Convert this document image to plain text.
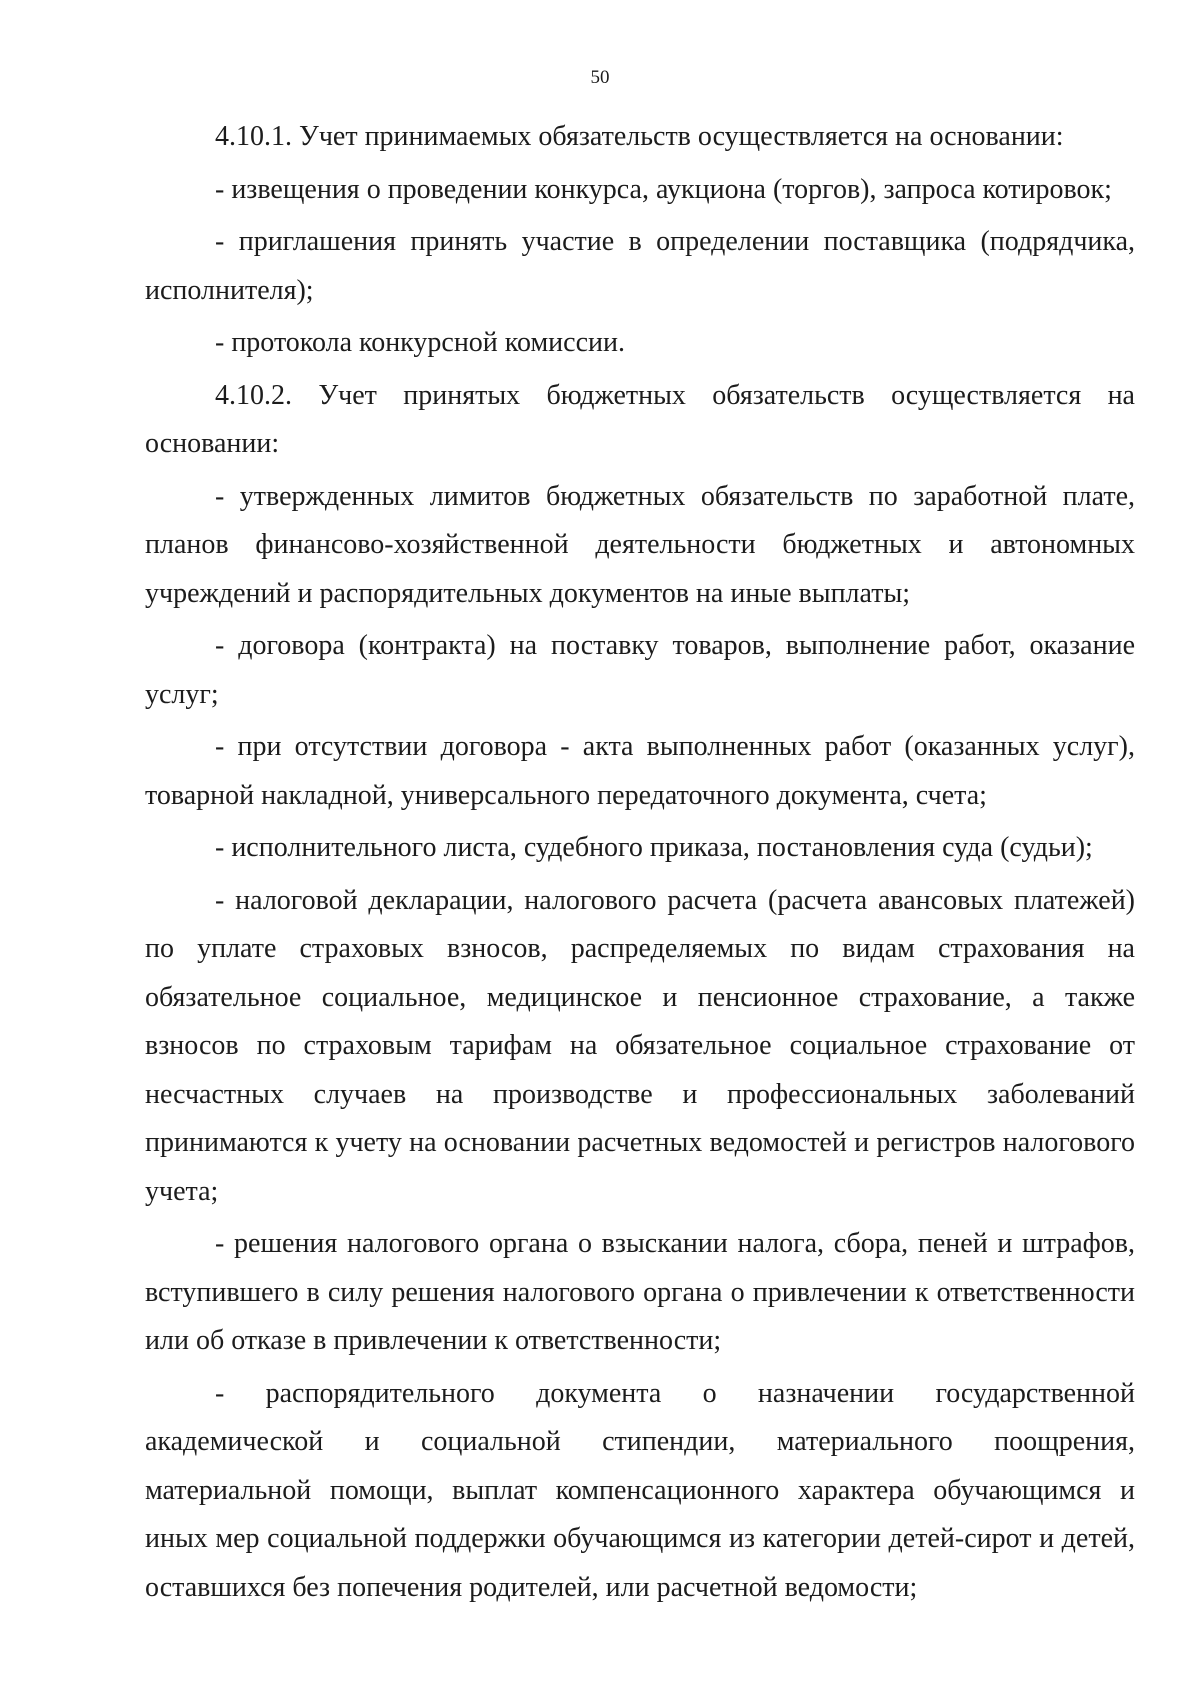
50

4.10.1. Учет принимаемых обязательств осуществляется на основании:

- извещения о проведении конкурса, аукциона (торгов), запроса котировок;

- приглашения принять участие в определении поставщика (подрядчика, исполнителя);

- протокола конкурсной комиссии.

4.10.2. Учет принятых бюджетных обязательств осуществляется на основании:

- утвержденных лимитов бюджетных обязательств по заработной плате, планов финансово-хозяйственной деятельности бюджетных и автономных учреждений и распорядительных документов на иные выплаты;

- договора (контракта) на поставку товаров, выполнение работ, оказание услуг;

- при отсутствии договора - акта выполненных работ (оказанных услуг), товарной накладной, универсального передаточного документа, счета;

- исполнительного листа, судебного приказа, постановления суда (судьи);

- налоговой декларации, налогового расчета (расчета авансовых платежей) по уплате страховых взносов, распределяемых по видам страхования на обязательное социальное, медицинское и пенсионное страхование, а также взносов по страховым тарифам на обязательное социальное страхование от несчастных случаев на производстве и профессиональных заболеваний принимаются к учету на основании расчетных ведомостей и регистров налогового учета;

- решения налогового органа о взыскании налога, сбора, пеней и штрафов, вступившего в силу решения налогового органа о привлечении к ответственности или об отказе в привлечении к ответственности;

- распорядительного документа о назначении государственной академической и социальной стипендии, материального поощрения, материальной помощи, выплат компенсационного характера обучающимся и иных мер социальной поддержки обучающимся из категории детей-сирот и детей, оставшихся без попечения родителей, или расчетной ведомости;
